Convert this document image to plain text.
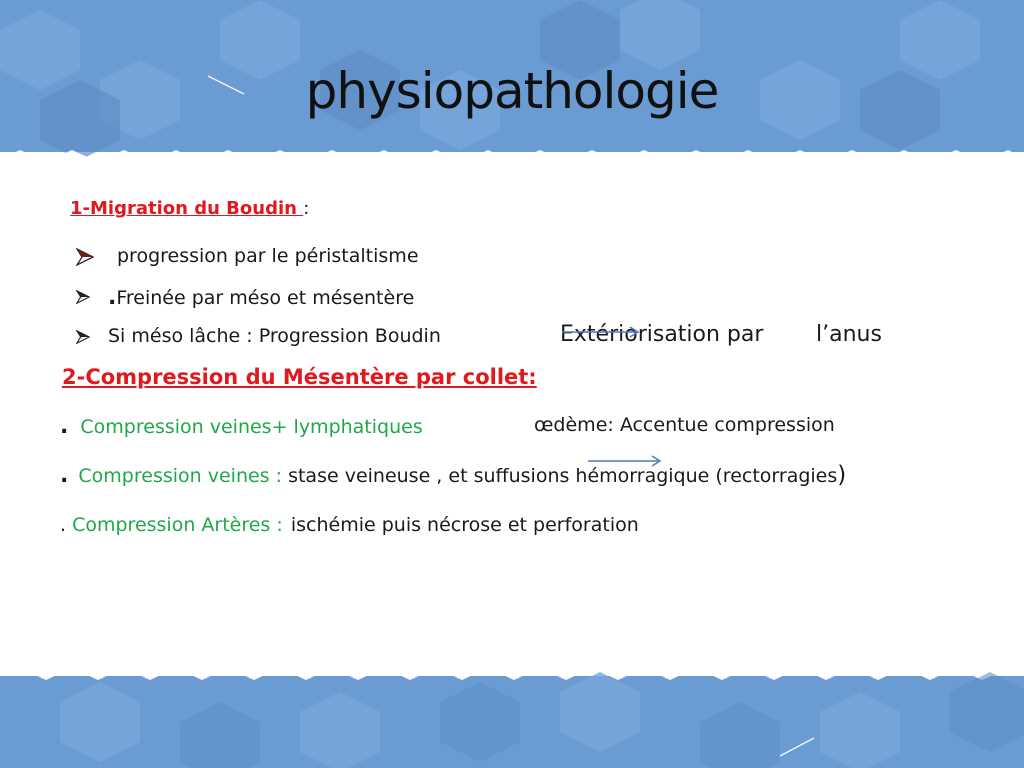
physiopathologie
1-Migration du Boudin :
progression par le péristaltisme
.Freinée par méso et mésentère
Si méso lâche : Progression Boudin	Extériorisation par l’anus
2-Compression du Mésentère par collet:
. Compression veines+ lymphatiques	œdème: Accentue compression
. Compression veines : stase veineuse , et suffusions hémorragique (rectorragies)
. Compression Artères : ischémie puis nécrose et perforation
